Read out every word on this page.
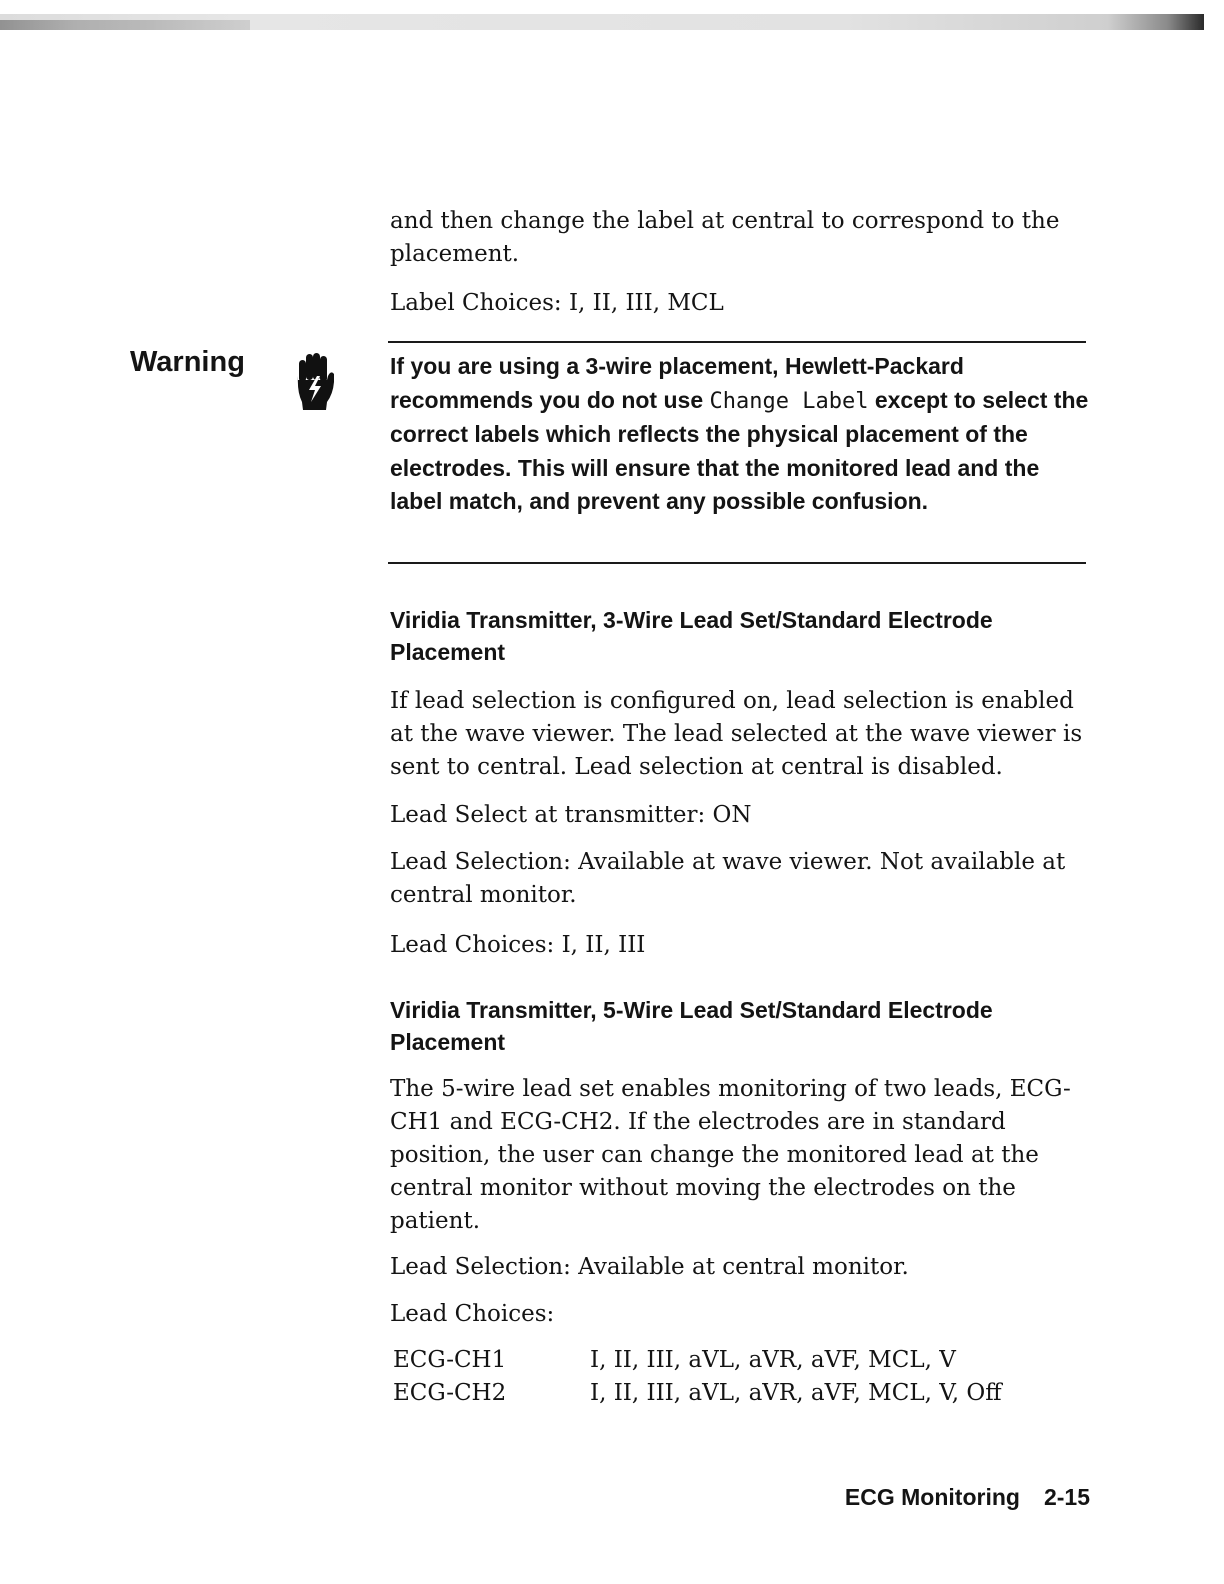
and then change the label at central to correspond to the placement.

Label Choices: I, II, III, MCL

Warning	If you are using a 3-wire placement, Hewlett-Packard recommends you do not use Change Label except to select the correct labels which reflects the physical placement of the electrodes. This will ensure that the monitored lead and the label match, and prevent any possible confusion.

Viridia Transmitter, 3-Wire Lead Set/Standard Electrode Placement

If lead selection is configured on, lead selection is enabled at the wave viewer. The lead selected at the wave viewer is sent to central. Lead selection at central is disabled.

Lead Select at transmitter: ON

Lead Selection: Available at wave viewer. Not available at central monitor.

Lead Choices: I, II, III

Viridia Transmitter, 5-Wire Lead Set/Standard Electrode Placement

The 5-wire lead set enables monitoring of two leads, ECG-CH1 and ECG-CH2. If the electrodes are in standard position, the user can change the monitored lead at the central monitor without moving the electrodes on the patient.

Lead Selection: Available at central monitor.

Lead Choices:

ECG-CH1	I, II, III, aVL, aVR, aVF, MCL, V
ECG-CH2	I, II, III, aVL, aVR, aVF, MCL, V, Off
ECG Monitoring 2-15
